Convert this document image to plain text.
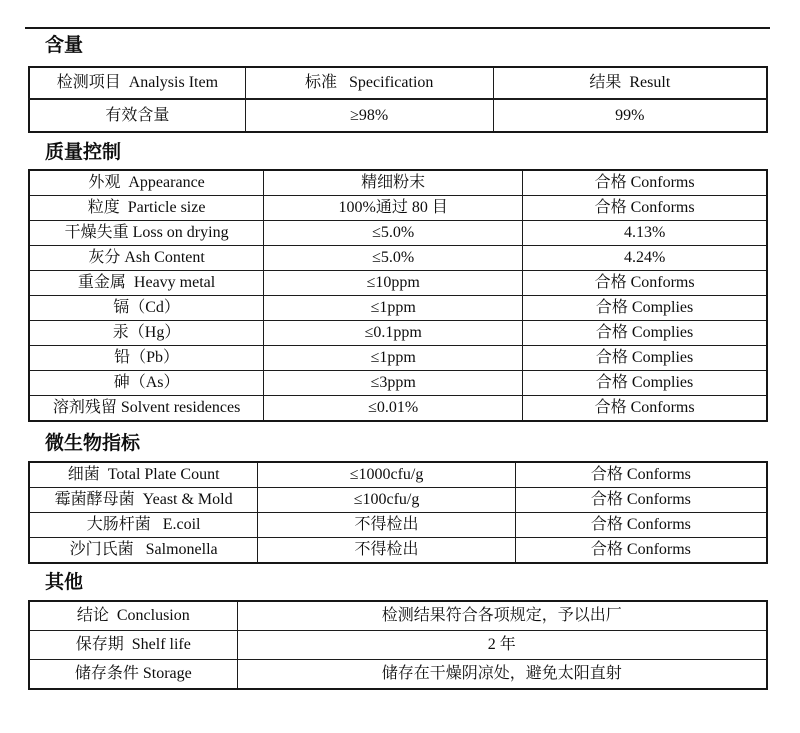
含量
检测项目  Analysis Item	标准   Specification	结果  Result
有效含量	≥98%	99%
质量控制
外观  Appearance	精细粉末	合格 Conforms
粒度  Particle size	100%通过 80 目	合格 Conforms
干燥失重 Loss on drying	≤5.0%	4.13%
灰分 Ash Content	≤5.0%	4.24%
重金属  Heavy metal	≤10ppm	合格 Conforms
镉（Cd）	≤1ppm	合格 Complies
汞（Hg）	≤0.1ppm	合格 Complies
铅（Pb）	≤1ppm	合格 Complies
砷（As）	≤3ppm	合格 Complies
溶剂残留 Solvent residences	≤0.01%	合格 Conforms
微生物指标
细菌  Total Plate Count	≤1000cfu/g	合格 Conforms
霉菌酵母菌  Yeast & Mold	≤100cfu/g	合格 Conforms
大肠杆菌   E.coil	不得检出	合格 Conforms
沙门氏菌   Salmonella	不得检出	合格 Conforms
其他
结论  Conclusion	检测结果符合各项规定，予以出厂
保存期  Shelf life	2 年
储存条件 Storage	储存在干燥阴凉处，避免太阳直射
